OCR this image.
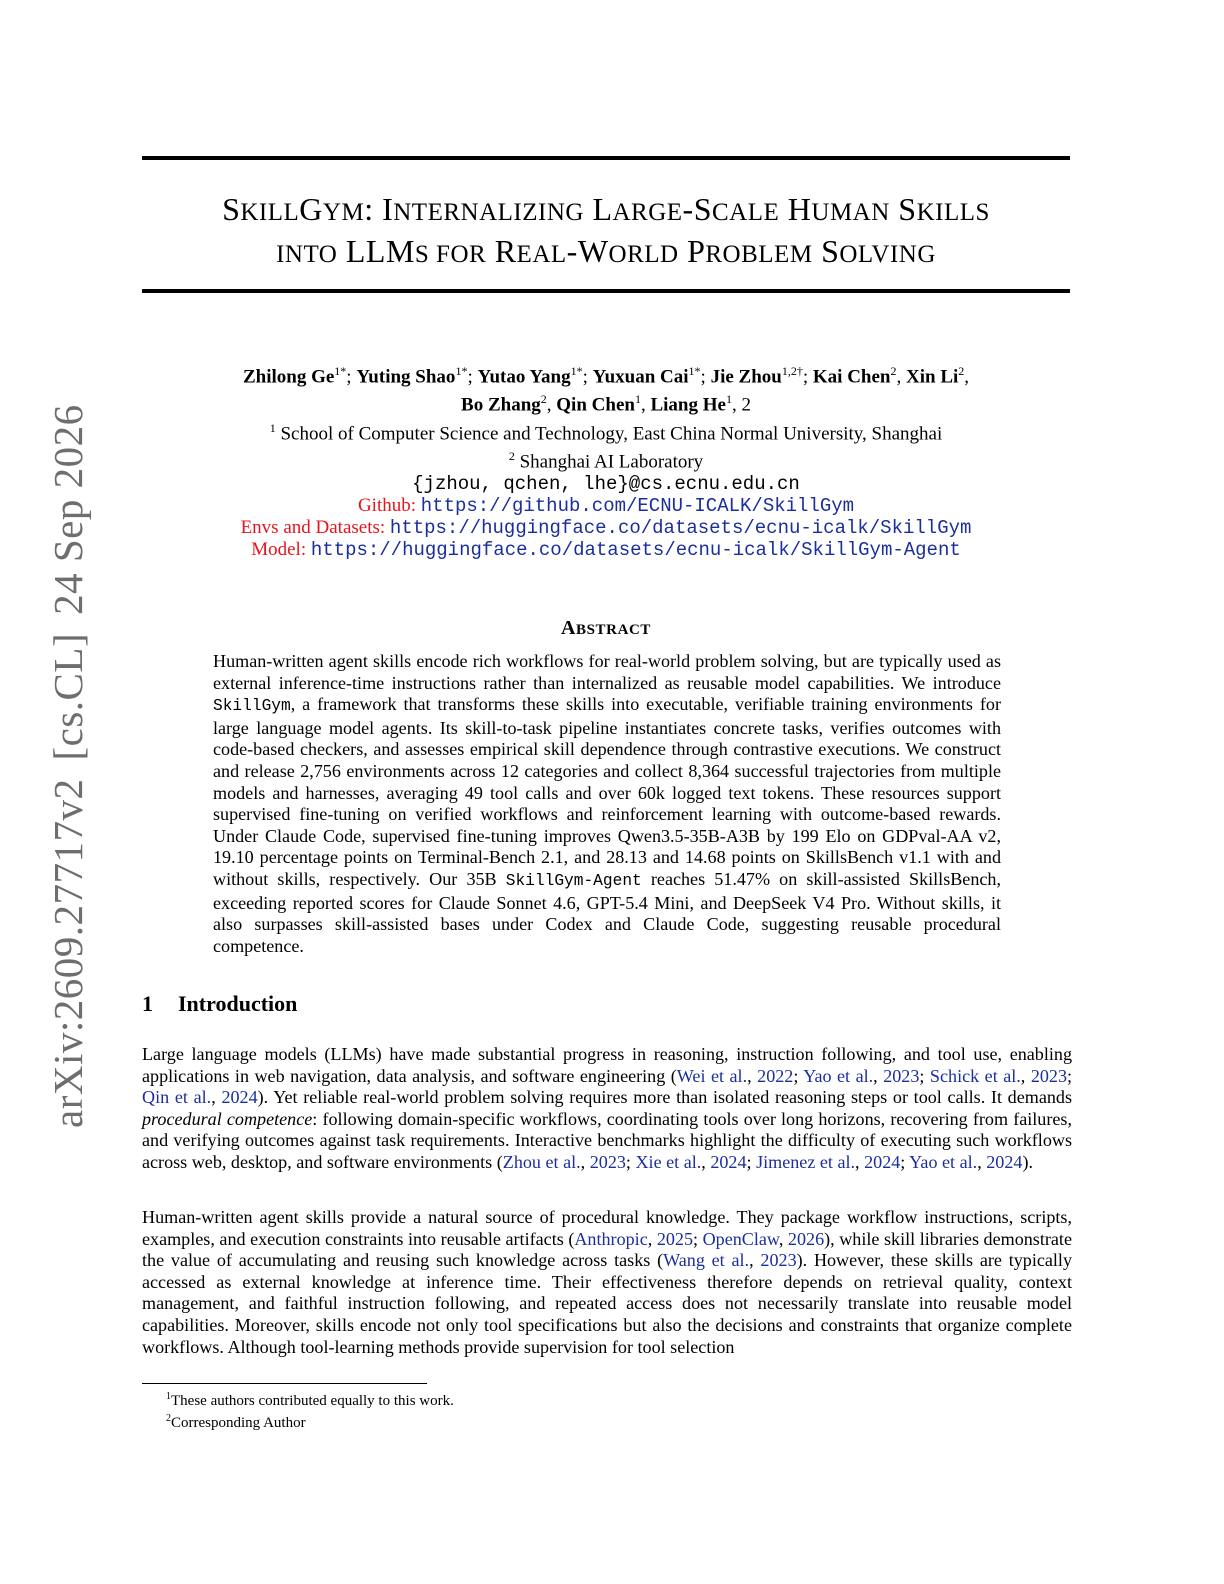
SKILLGYM: INTERNALIZING LARGE-SCALE HUMAN SKILLS
INTO LLMS FOR REAL-WORLD PROBLEM SOLVING
Zhilong $Ge^{1*}$; Yuting Shao$^{1*}$; Yutao Yang$^{1*}$; Yuxuan Cai$^{1*}$; Jie Zhou$^{1,2\dagger}$; Kai Chen$^2$, Xin Li$^2$,
Bo Zhang$^2$, Qin Chen$^1$, Liang He$^1$, 2
$^1$ School of Computer Science and Technology, East China Normal University, Shanghai
$^2$ Shanghai AI Laboratory
{jzhou, qchen, lhe}@cs.ecnu.edu.cn
Github: https://github.com/ECNU-ICALK/SkillGym
Envs and Datasets: https://huggingface.co/datasets/ecnu-icalk/SkillGym
Model: https://huggingface.co/datasets/ecnu-icalk/SkillGym-Agent
arXiv:2609.27717v2[cs.CL]24 Sep 2026
ABSTRACT
Human-written agent skills encode rich workflows for real-world problem solving, but are typically used as external inference-time instructions rather than internalized as reusable model capabilities. We introduce SkillGym, a framework that transforms these skills into executable, verifiable training environments for large language model agents. Its skill-to-task pipeline instantiates concrete tasks, verifies outcomes with code-based checkers, and assesses empirical skill dependence through contrastive executions. We construct and release 2,756 environments across 12 categories and collect 8,364 successful trajectories from multiple models and harnesses, averaging 49 tool calls and over 60k logged text tokens. These resources support supervised fine-tuning on verified workflows and reinforcement learning with outcome-based rewards. Under Claude Code, supervised fine-tuning improves Qwen3.5-35B-A3B by 199 Elo on GDPval-AA v2, 19.10 percentage points on Terminal-Bench 2.1, and 28.13 and 14.68 points on SkillsBench v1.1 with and without skills, respectively. Our 35B SkillGym-Agent reaches 51.47% on skill-assisted SkillsBench, exceeding reported scores for Claude Sonnet 4.6, GPT-5.4 Mini, and DeepSeek V4 Pro. Without skills, it also surpasses skill-assisted bases under Codex and Claude Code, suggesting reusable procedural competence.
1 Introduction
Large language models (LLMs) have made substantial progress in reasoning, instruction following, and tool use, enabling applications in web navigation, data analysis, and software engineering (Wei et al., 2022; Yao et al., 2023; Schick et al., 2023; Qin et al., 2024). Yet reliable real-world problem solving requires more than isolated reasoning steps or tool calls. It demands procedural competence: following domain-specific workflows, coordinating tools over long horizons, recovering from failures, and verifying outcomes against task requirements. Interactive benchmarks highlight the difficulty of executing such workflows across web, desktop, and software environments (Zhou et al., 2023; Xie et al., 2024; Jimenez et al., 2024; Yao et al., 2024).
Human-written agent skills provide a natural source of procedural knowledge. They package workflow instructions, scripts, examples, and execution constraints into reusable artifacts (Anthropic, 2025; OpenClaw, 2026), while skill libraries demonstrate the value of accumulating and reusing such knowledge across tasks (Wang et al., 2023). However, these skills are typically accessed as external knowledge at inference time. Their effectiveness therefore depends on retrieval quality, context management, and faithful instruction following, and repeated access does not necessarily translate into reusable model capabilities. Moreover, skills encode not only tool specifications but also the decisions and constraints that organize complete workflows. Although tool-learning methods provide supervision for tool selection
$^1$These authors contributed equally to this work.
$^2$Corresponding Author
